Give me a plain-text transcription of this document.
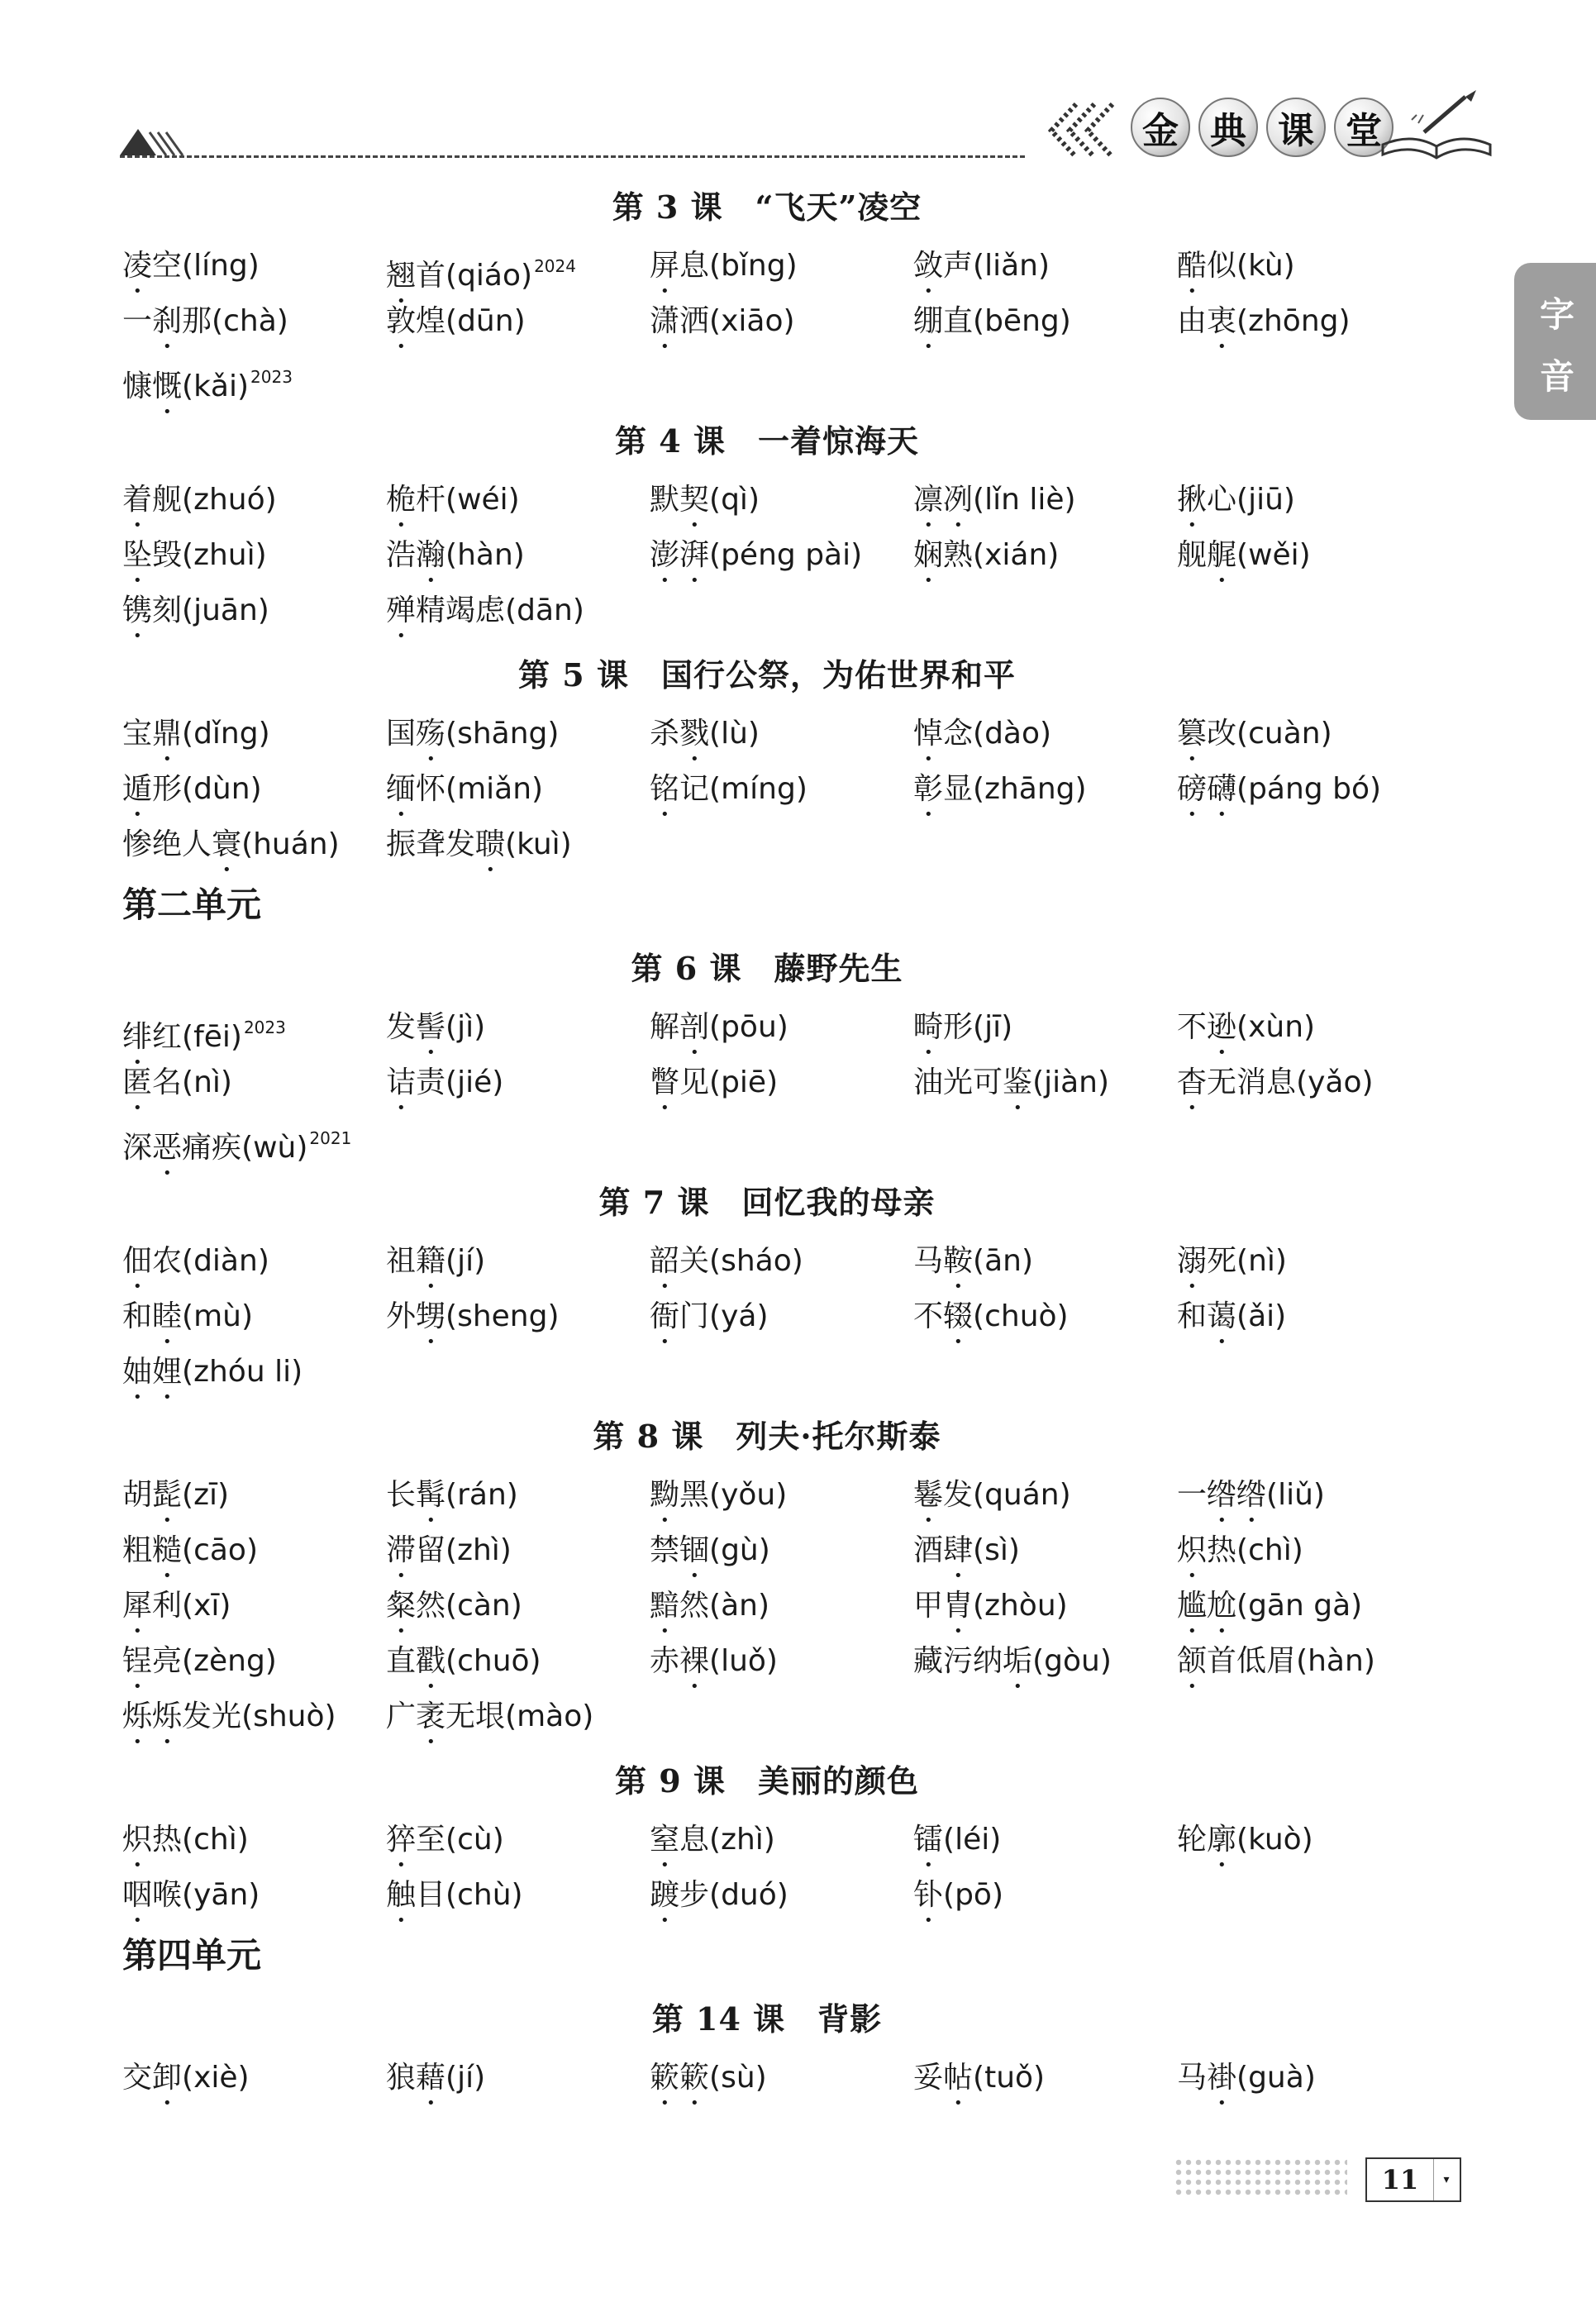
金 典 课 堂
字
音
第 3 课　“飞天”凌空
凌空(líng)	翘首(qiáo) $^{2024}$	屏息(bǐng)	敛声(liǎn)	酷似(kù)
一刹那(chà)	敦煌(dūn)	潇洒(xiāo)	绷直(bēng)	由衷(zhōng)
慷慨(kǎi) $^{2023}$
第 4 课　一着惊海天
着舰(zhuó)	桅杆(wéi)	默契(qì)	凛冽(lǐn liè)	揪心(jiū)
坠毁(zhuì)	浩瀚(hàn)	澎湃(péng pài)	娴熟(xián)	舰艉(wěi)
镌刻(juān)	殚精竭虑(dān)
第 5 课　国行公祭，为佑世界和平
宝鼎(dǐng)	国殇(shāng)	杀戮(lù)	悼念(dào)	篡改(cuàn)
遁形(dùn)	缅怀(miǎn)	铭记(míng)	彰显(zhāng)	磅礴(páng bó)
惨绝人寰(huán)	振聋发聩(kuì)
第二单元
第 6 课　藤野先生
绯红(fēi) $^{2023}$	发髻(jì)	解剖(pōu)	畸形(jī)	不逊(xùn)
匿名(nì)	诘责(jié)	瞥见(piē)	油光可鉴(jiàn)	杳无消息(yǎo)
深恶痛疾(wù) $^{2021}$
第 7 课　回忆我的母亲
佃农(diàn)	祖籍(jí)	韶关(sháo)	马鞍(ān)	溺死(nì)
和睦(mù)	外甥(sheng)	衙门(yá)	不辍(chuò)	和蔼(ǎi)
妯娌(zhóu li)
第 8 课　列夫·托尔斯泰
胡髭(zī)	长髯(rán)	黝黑(yǒu)	鬈发(quán)	一绺绺(liǔ)
粗糙(cāo)	滞留(zhì)	禁锢(gù)	酒肆(sì)	炽热(chì)
犀利(xī)	粲然(càn)	黯然(àn)	甲胄(zhòu)	尴尬(gān gà)
锃亮(zèng)	直戳(chuō)	赤裸(luǒ)	藏污纳垢(gòu)	颔首低眉(hàn)
烁烁发光(shuò)	广袤无垠(mào)
第 9 课　美丽的颜色
炽热(chì)	猝至(cù)	窒息(zhì)	镭(léi)	轮廓(kuò)
咽喉(yān)	触目(chù)	踱步(duó)	钋(pō)
第四单元
第 14 课　背影
交卸(xiè)	狼藉(jí)	簌簌(sù)	妥帖(tuǒ)	马褂(guà)
11	▾
